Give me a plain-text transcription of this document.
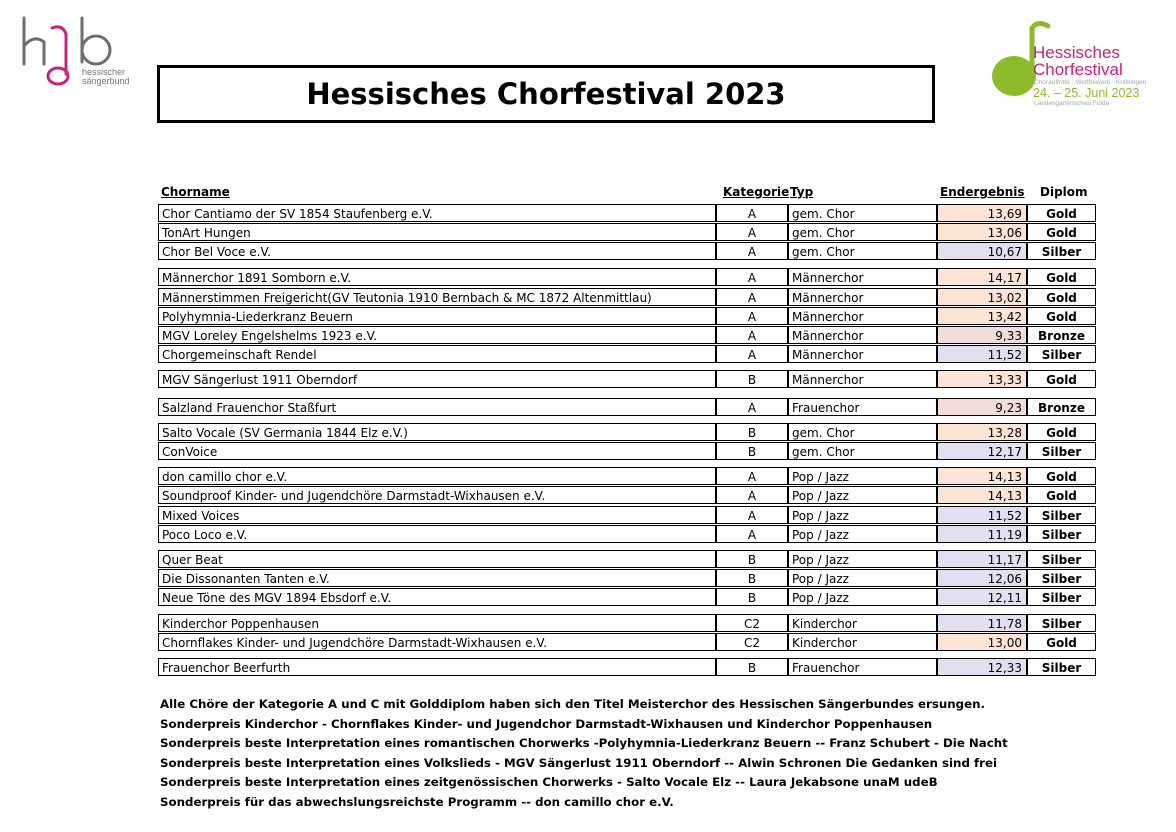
hessischer
sängerbund
Hessisches
Chorfestival
Chorauftritte · Wettbewerb · Kritikingen
24. – 25. Juni 2023
Landesgartenschau Fulda
Hessisches Chorfestival 2023
Chorname	Kategorie Typ	Endergebnis Diplom
Chor Cantiamo der SV 1854 Staufenberg e.V.	A	gem. Chor	13,69	Gold
TonArt Hungen	A	gem. Chor	13,06	Gold
Chor Bel Voce e.V.	A	gem. Chor	10,67	Silber
Männerchor 1891 Somborn e.V.	A	Männerchor	14,17	Gold
Männerstimmen Freigericht(GV Teutonia 1910 Bernbach & MC 1872 Altenmittlau)	A	Männerchor	13,02	Gold
Polyhymnia-Liederkranz Beuern	A	Männerchor	13,42	Gold
MGV Loreley Engelshelms 1923 e.V.	A	Männerchor	9,33	Bronze
Chorgemeinschaft Rendel	A	Männerchor	11,52	Silber
MGV Sängerlust 1911 Oberndorf	B	Männerchor	13,33	Gold
Salzland Frauenchor Staßfurt	A	Frauenchor	9,23	Bronze
Salto Vocale (SV Germania 1844 Elz e.V.)	B	gem. Chor	13,28	Gold
ConVoice	B	gem. Chor	12,17	Silber
don camillo chor e.V.	A	Pop / Jazz	14,13	Gold
Soundproof Kinder- und Jugendchöre Darmstadt-Wixhausen e.V.	A	Pop / Jazz	14,13	Gold
Mixed Voices	A	Pop / Jazz	11,52	Silber
Poco Loco e.V.	A	Pop / Jazz	11,19	Silber
Quer Beat	B	Pop / Jazz	11,17	Silber
Die Dissonanten Tanten e.V.	B	Pop / Jazz	12,06	Silber
Neue Töne des MGV 1894 Ebsdorf e.V.	B	Pop / Jazz	12,11	Silber
Kinderchor Poppenhausen	C2	Kinderchor	11,78	Silber
Chornflakes Kinder- und Jugendchöre Darmstadt-Wixhausen e.V.	C2	Kinderchor	13,00	Gold
Frauenchor Beerfurth	B	Frauenchor	12,33	Silber
Alle Chöre der Kategorie A und C mit Golddiplom haben sich den Titel Meisterchor des Hessischen Sängerbundes ersungen.
Sonderpreis Kinderchor - Chornflakes Kinder- und Jugendchor Darmstadt-Wixhausen und Kinderchor Poppenhausen
Sonderpreis beste Interpretation eines romantischen Chorwerks -Polyhymnia-Liederkranz Beuern -- Franz Schubert - Die Nacht
Sonderpreis beste Interpretation eines Volkslieds - MGV Sängerlust 1911 Oberndorf -- Alwin Schronen Die Gedanken sind frei
Sonderpreis beste Interpretation eines zeitgenössischen Chorwerks - Salto Vocale Elz -- Laura Jekabsone unaM udeB
Sonderpreis für das abwechslungsreichste Programm -- don camillo chor e.V.
